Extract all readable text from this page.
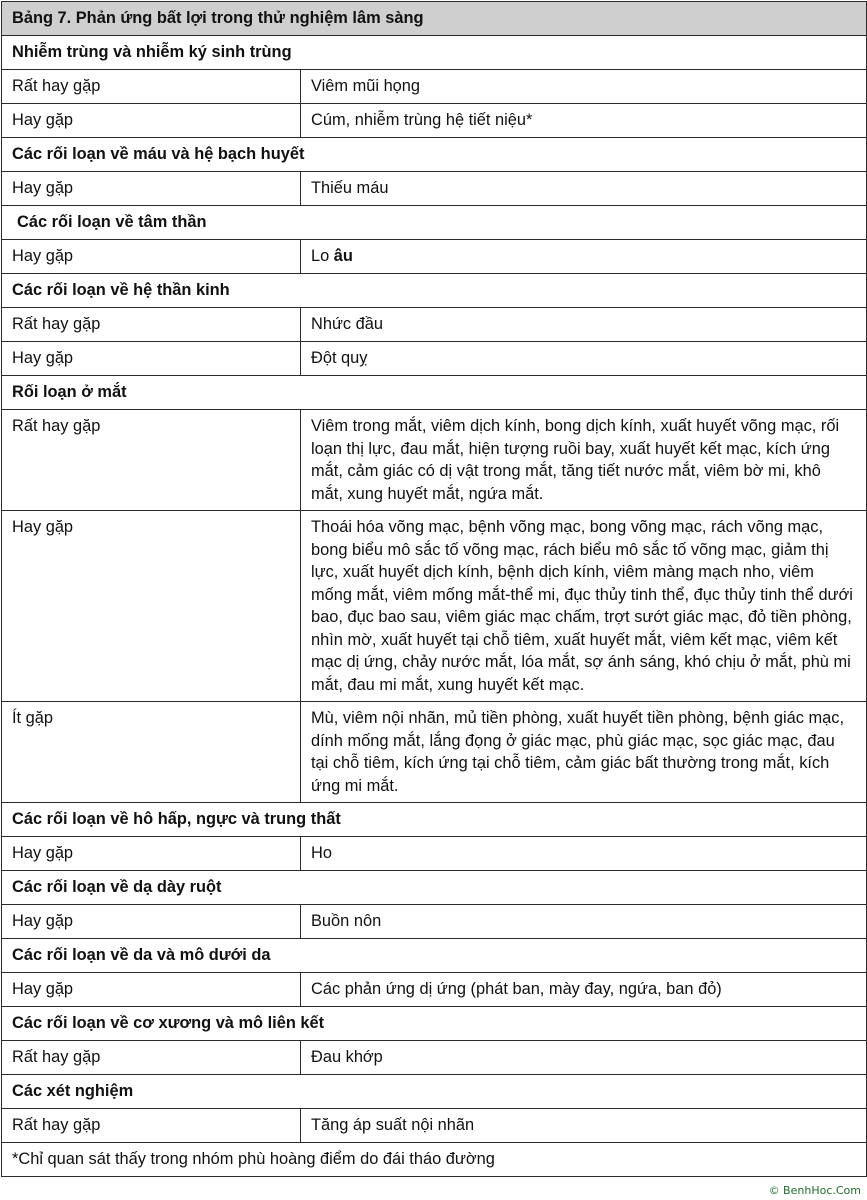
Bảng 7. Phản ứng bất lợi trong thử nghiệm lâm sàng	
Nhiễm trùng và nhiễm ký sinh trùng	
Rất hay gặp	Viêm mũi họng
Hay gặp	Cúm, nhiễm trùng hệ tiết niệu*
Các rối loạn về máu và hệ bạch huyết	
Hay gặp	Thiếu máu
Các rối loạn về tâm thần	
Hay gặp	Lo âu
Các rối loạn về hệ thần kinh	
Rất hay gặp	Nhức đầu
Hay gặp	Đột quỵ
Rối loạn ở mắt	
Rất hay gặp	Viêm trong mắt, viêm dịch kính, bong dịch kính, xuất huyết võng mạc, rối loạn thị lực, đau mắt, hiện tượng ruồi bay, xuất huyết kết mạc, kích ứng mắt, cảm giác có dị vật trong mắt, tăng tiết nước mắt, viêm bờ mi, khô mắt, xung huyết mắt, ngứa mắt.
Hay gặp	Thoái hóa võng mạc, bệnh võng mạc, bong võng mạc, rách võng mạc, bong biểu mô sắc tố võng mạc, rách biểu mô sắc tố võng mạc, giảm thị lực, xuất huyết dịch kính, bệnh dịch kính, viêm màng mạch nho, viêm mống mắt, viêm mống mắt-thể mi, đục thủy tinh thể, đục thủy tinh thể dưới bao, đục bao sau, viêm giác mạc chấm, trợt sướt giác mạc, đỏ tiền phòng, nhìn mờ, xuất huyết tại chỗ tiêm, xuất huyết mắt, viêm kết mạc, viêm kết mạc dị ứng, chảy nước mắt, lóa mắt, sợ ánh sáng, khó chịu ở mắt, phù mi mắt, đau mi mắt, xung huyết kết mạc.
Ít gặp	Mù, viêm nội nhãn, mủ tiền phòng, xuất huyết tiền phòng, bệnh giác mạc, dính mống mắt, lắng đọng ở giác mạc, phù giác mạc, sọc giác mạc, đau tại chỗ tiêm, kích ứng tại chỗ tiêm, cảm giác bất thường trong mắt, kích ứng mi mắt.
Các rối loạn về hô hấp, ngực và trung thất	
Hay gặp	Ho
Các rối loạn về dạ dày ruột	
Hay gặp	Buồn nôn
Các rối loạn về da và mô dưới da	
Hay gặp	Các phản ứng dị ứng (phát ban, mày đay, ngứa, ban đỏ)
Các rối loạn về cơ xương và mô liên kết	
Rất hay gặp	Đau khớp
Các xét nghiệm	
Rất hay gặp	Tăng áp suất nội nhãn
*Chỉ quan sát thấy trong nhóm phù hoàng điểm do đái tháo đường	
© BenhHoc.Com
